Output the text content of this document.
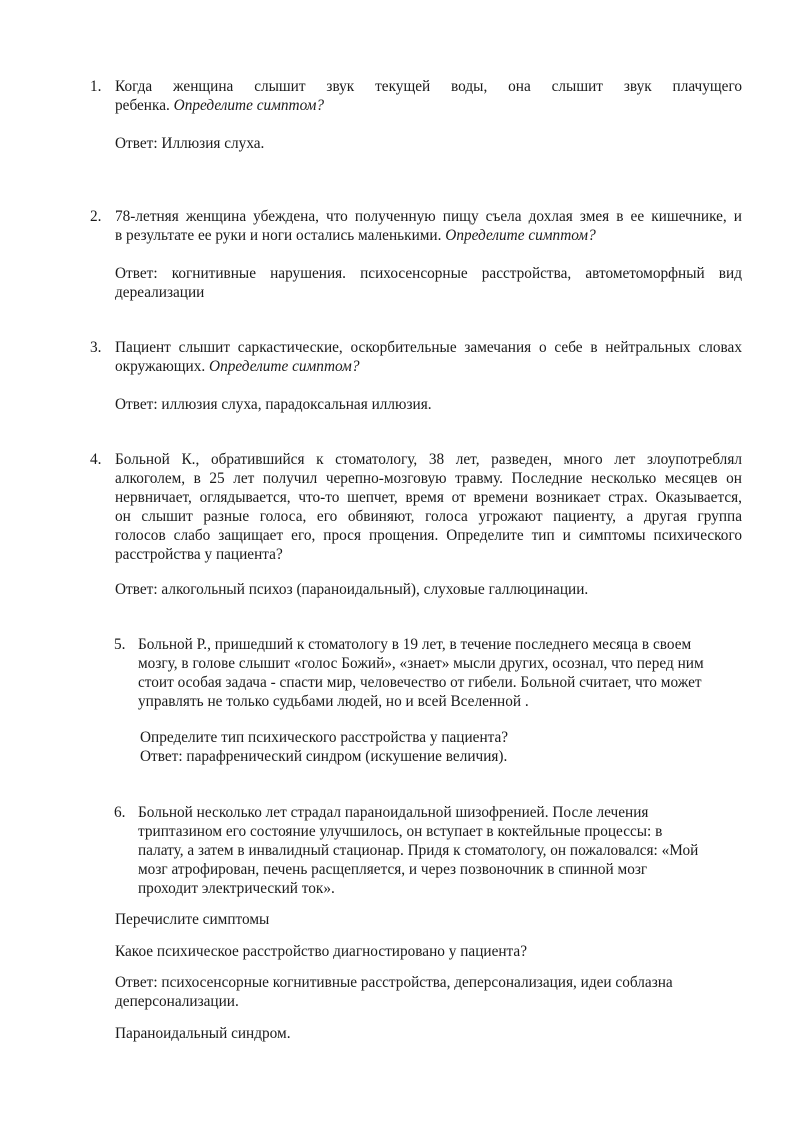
1. Когда женщина слышит звук текущей воды, она слышит звук плачущего
ребенка. Определите симптом?
Ответ: Иллюзия слуха.
2. 78-летняя женщина убеждена, что полученную пищу съела дохлая змея в ее кишечнике, и
в результате ее руки и ноги остались маленькими. Определите симптом?
Ответ: когнитивные нарушения. психосенсорные расстройства, автометоморфный вид
дереализации
3. Пациент слышит саркастические, оскорбительные замечания о себе в нейтральных словах
окружающих. Определите симптом?
Ответ: иллюзия слуха, парадоксальная иллюзия.
4. Больной К., обратившийся к стоматологу, 38 лет, разведен, много лет злоупотреблял
алкоголем, в 25 лет получил черепно-мозговую травму. Последние несколько месяцев он
нервничает, оглядывается, что-то шепчет, время от времени возникает страх. Оказывается,
он слышит разные голоса, его обвиняют, голоса угрожают пациенту, а другая группа
голосов слабо защищает его, прося прощения. Определите тип и симптомы психического
расстройства у пациента?
Ответ: алкогольный психоз (параноидальный), слуховые галлюцинации.
5. Больной Р., пришедший к стоматологу в 19 лет, в течение последнего месяца в своем
мозгу, в голове слышит «голос Божий», «знает» мысли других, осознал, что перед ним
стоит особая задача - спасти мир, человечество от гибели. Больной считает, что может
управлять не только судьбами людей, но и всей Вселенной .
Определите тип психического расстройства у пациента?
Ответ: парафренический синдром (искушение величия).
6. Больной несколько лет страдал параноидальной шизофренией. После лечения
триптазином его состояние улучшилось, он вступает в коктейльные процессы: в
палату, а затем в инвалидный стационар. Придя к стоматологу, он пожаловался: «Мой
мозг атрофирован, печень расщепляется, и через позвоночник в спинной мозг
проходит электрический ток».
Перечислите симптомы
Какое психическое расстройство диагностировано у пациента?
Ответ: психосенсорные когнитивные расстройства, деперсонализация, идеи соблазна
деперсонализации.
Параноидальный синдром.
